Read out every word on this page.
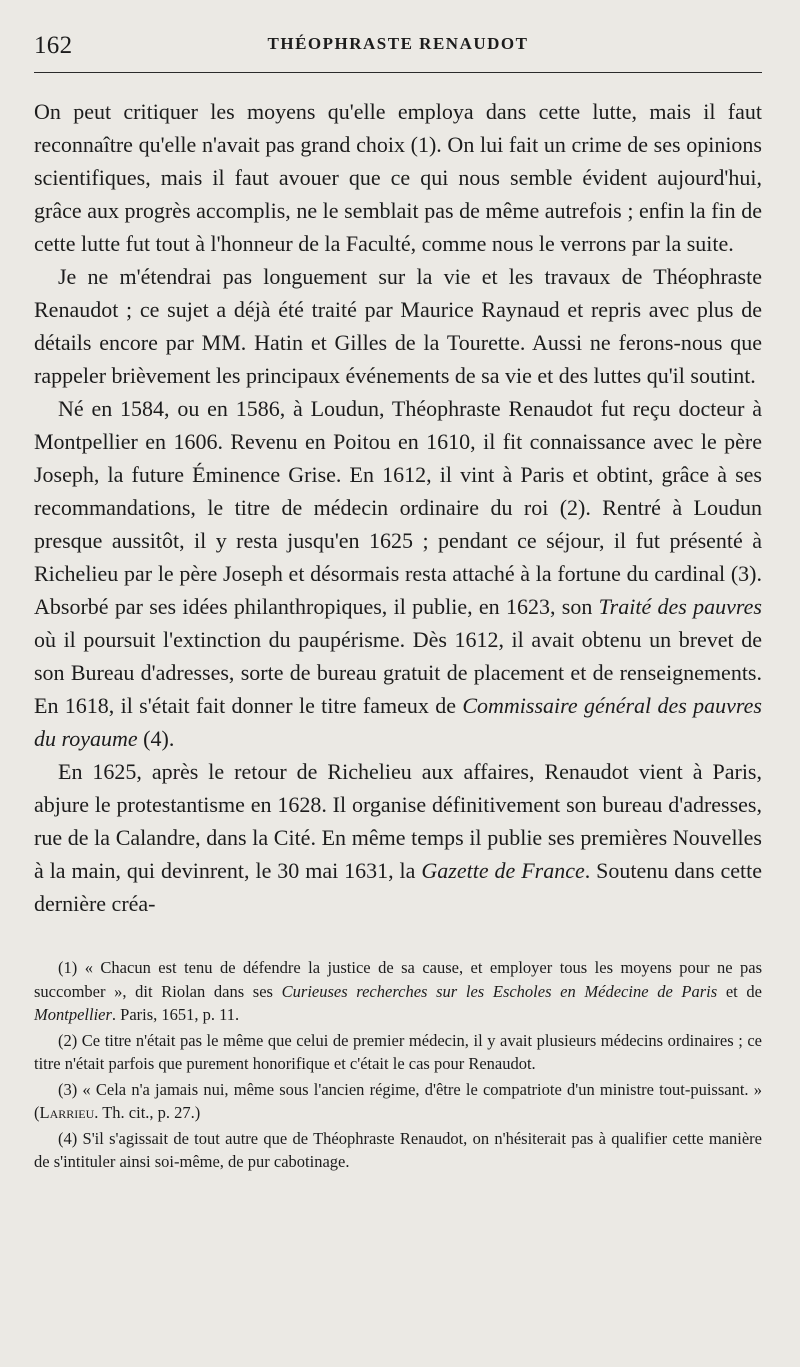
162	THÉOPHRASTE RENAUDOT

On peut critiquer les moyens qu'elle employa dans cette lutte, mais il faut reconnaître qu'elle n'avait pas grand choix (1). On lui fait un crime de ses opinions scientifiques, mais il faut avouer que ce qui nous semble évident aujourd'hui, grâce aux progrès accomplis, ne le semblait pas de même autrefois ; enfin la fin de cette lutte fut tout à l'honneur de la Faculté, comme nous le verrons par la suite.

Je ne m'étendrai pas longuement sur la vie et les travaux de Théophraste Renaudot ; ce sujet a déjà été traité par Maurice Raynaud et repris avec plus de détails encore par MM. Hatin et Gilles de la Tourette. Aussi ne ferons-nous que rappeler brièvement les principaux événements de sa vie et des luttes qu'il soutint.

Né en 1584, ou en 1586, à Loudun, Théophraste Renaudot fut reçu docteur à Montpellier en 1606. Revenu en Poitou en 1610, il fit connaissance avec le père Joseph, la future Éminence Grise. En 1612, il vint à Paris et obtint, grâce à ses recommandations, le titre de médecin ordinaire du roi (2). Rentré à Loudun presque aussitôt, il y resta jusqu'en 1625 ; pendant ce séjour, il fut présenté à Richelieu par le père Joseph et désormais resta attaché à la fortune du cardinal (3). Absorbé par ses idées philanthropiques, il publie, en 1623, son Traité des pauvres où il poursuit l'extinction du paupérisme. Dès 1612, il avait obtenu un brevet de son Bureau d'adresses, sorte de bureau gratuit de placement et de renseignements. En 1618, il s'était fait donner le titre fameux de Commissaire général des pauvres du royaume (4).

En 1625, après le retour de Richelieu aux affaires, Renaudot vient à Paris, abjure le protestantisme en 1628. Il organise définitivement son bureau d'adresses, rue de la Calandre, dans la Cité. En même temps il publie ses premières Nouvelles à la main, qui devinrent, le 30 mai 1631, la Gazette de France. Soutenu dans cette dernière créa-

(1) « Chacun est tenu de défendre la justice de sa cause, et employer tous les moyens pour ne pas succomber », dit Riolan dans ses Curieuses recherches sur les Escholes en Médecine de Paris et de Montpellier. Paris, 1651, p. 11.

(2) Ce titre n'était pas le même que celui de premier médecin, il y avait plusieurs médecins ordinaires ; ce titre n'était parfois que purement honorifique et c'était le cas pour Renaudot.

(3) « Cela n'a jamais nui, même sous l'ancien régime, d'être le compatriote d'un ministre tout-puissant. » (Larrieu. Th. cit., p. 27.)

(4) S'il s'agissait de tout autre que de Théophraste Renaudot, on n'hésiterait pas à qualifier cette manière de s'intituler ainsi soi-même, de pur cabotinage.
